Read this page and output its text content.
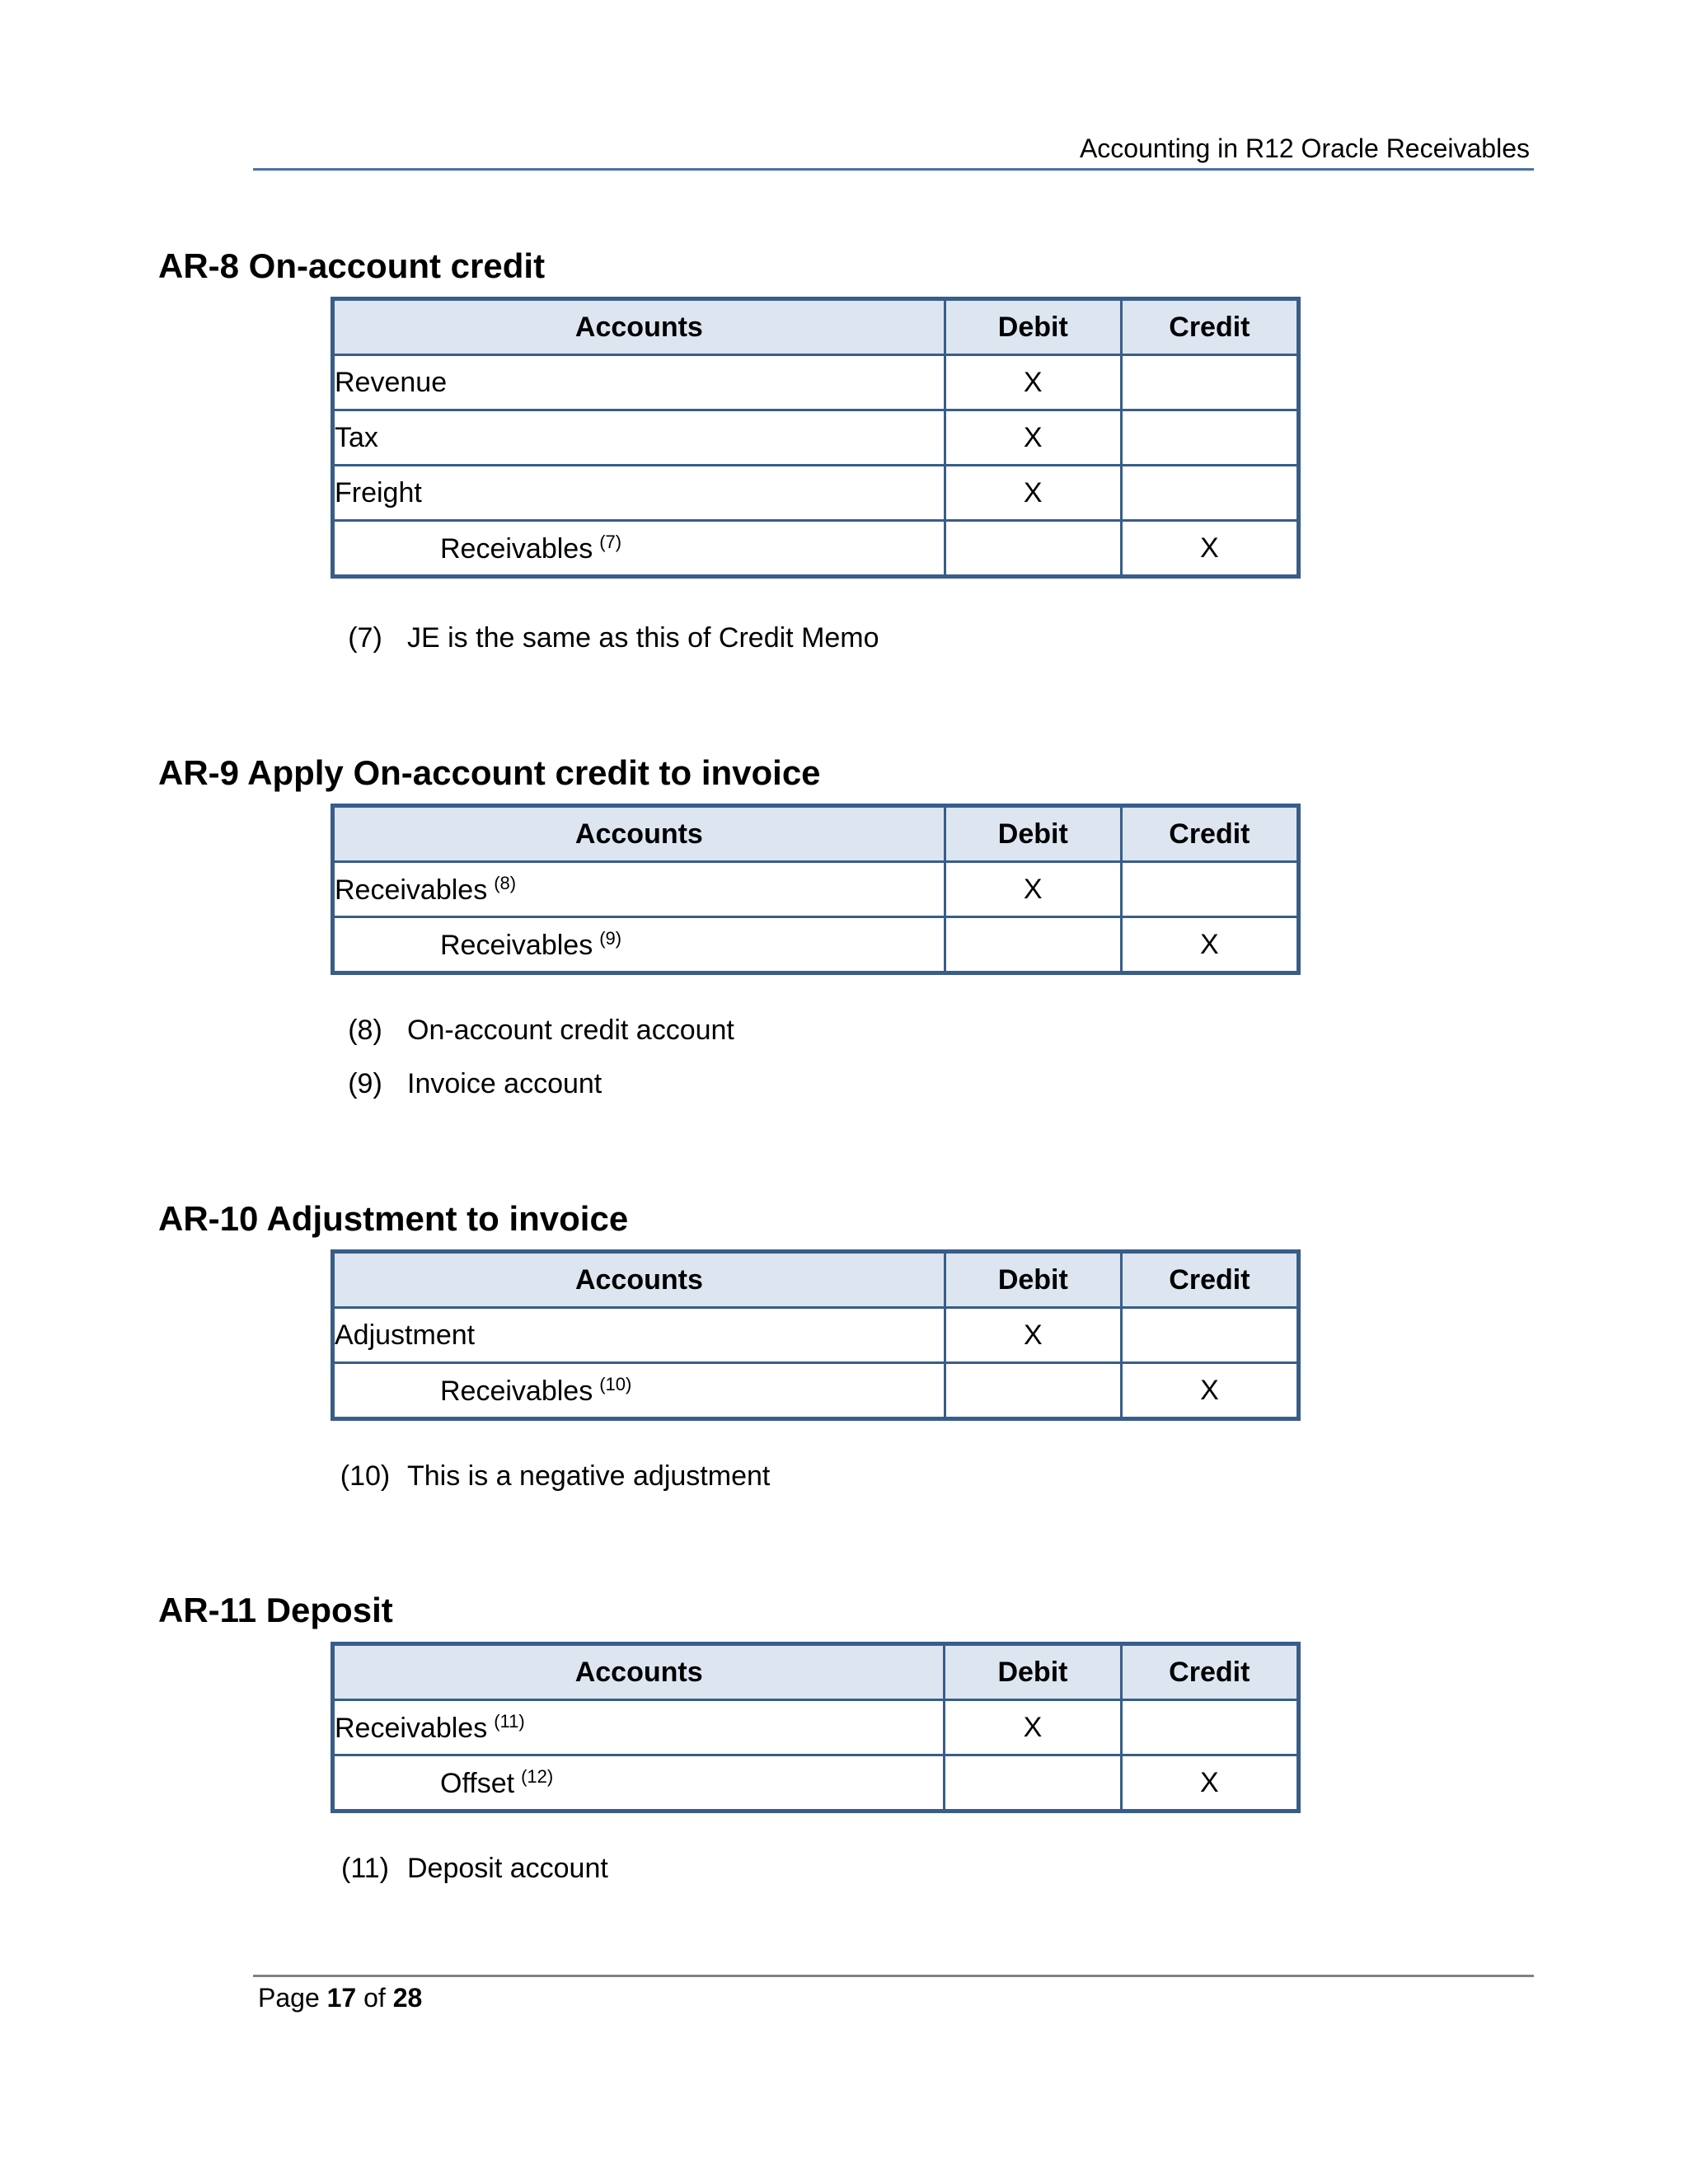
Accounting in R12 Oracle Receivables
AR-8 On-account credit
Accounts	Debit	Credit
Revenue	X	
Tax	X	
Freight	X	
Receivables $^{(7)}$		X
(7) JE is the same as this of Credit Memo
AR-9 Apply On-account credit to invoice
Accounts	Debit	Credit
Receivables $^{(8)}$	X	
Receivables $^{(9)}$		X
(8) On-account credit account
(9) Invoice account
AR-10 Adjustment to invoice
Accounts	Debit	Credit
Adjustment	X	
Receivables $^{(10)}$		X
(10) This is a negative adjustment
AR-11 Deposit
Accounts	Debit	Credit
Receivables $^{(11)}$	X	
Offset $^{(12)}$		X
(11) Deposit account
Page 17 of 28
